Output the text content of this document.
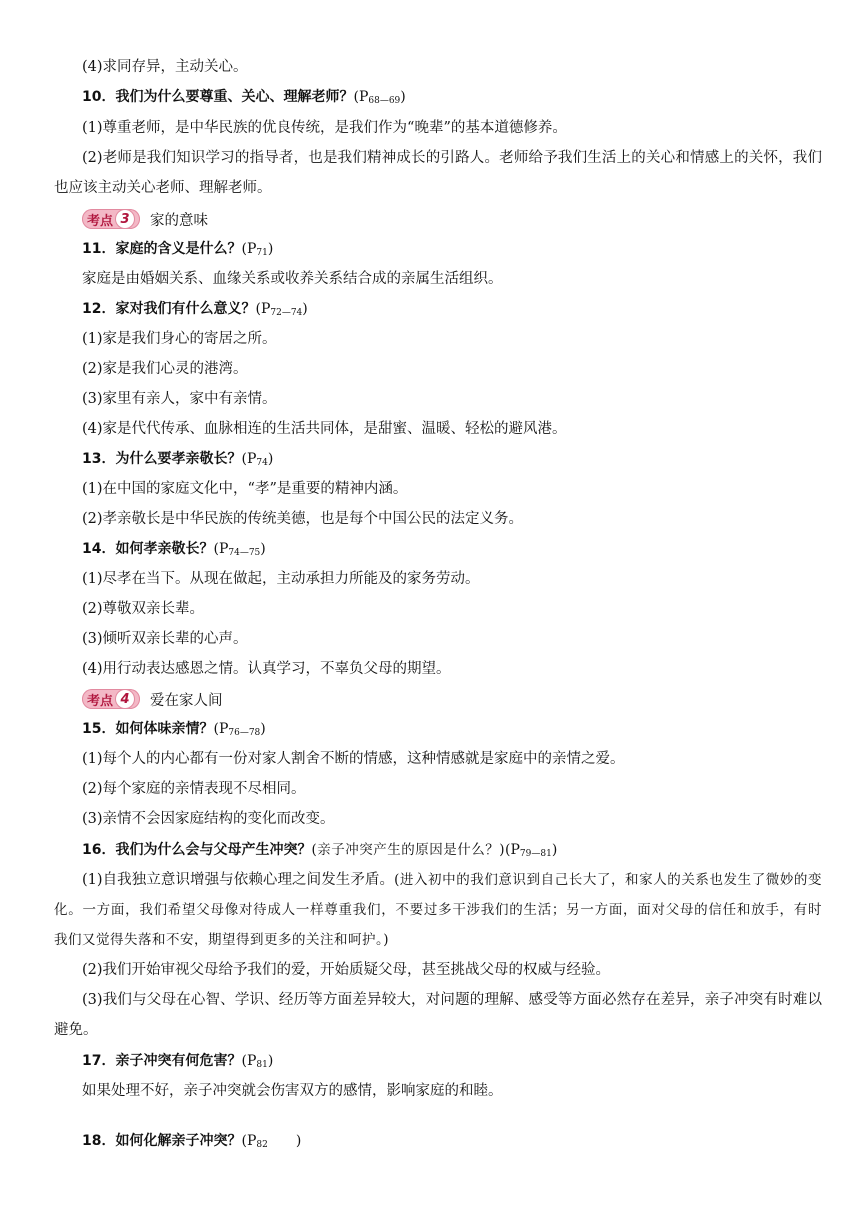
(4)求同存异，主动关心。
10．我们为什么要尊重、关心、理解老师？$(P_{68—69})$
(1)尊重老师，是中华民族的优良传统，是我们作为“晚辈”的基本道德修养。
(2)老师是我们知识学习的指导者，也是我们精神成长的引路人。老师给予我们生活上的关心和情感上的关怀，我们也应该主动关心老师、理解老师。
考点 3	家的意味
11．家庭的含义是什么？$(P_{71})$
家庭是由婚姻关系、血缘关系或收养关系结合成的亲属生活组织。
12．家对我们有什么意义？$(P_{72—74})$
(1)家是我们身心的寄居之所。
(2)家是我们心灵的港湾。
(3)家里有亲人，家中有亲情。
(4)家是代代传承、血脉相连的生活共同体，是甜蜜、温暖、轻松的避风港。
13．为什么要孝亲敬长？$(P_{74})$
(1)在中国的家庭文化中，“孝”是重要的精神内涵。
(2)孝亲敬长是中华民族的传统美德，也是每个中国公民的法定义务。
14．如何孝亲敬长？$(P_{74—75})$
(1)尽孝在当下。从现在做起，主动承担力所能及的家务劳动。
(2)尊敬双亲长辈。
(3)倾听双亲长辈的心声。
(4)用行动表达感恩之情。认真学习，不辜负父母的期望。
考点 4	爱在家人间
15．如何体味亲情？$(P_{76—78})$
(1)每个人的内心都有一份对家人割舍不断的情感，这种情感就是家庭中的亲情之爱。
(2)每个家庭的亲情表现不尽相同。
(3)亲情不会因家庭结构的变化而改变。
16．我们为什么会与父母产生冲突？(亲子冲突产生的原因是什么？)$(P_{79—81})$
(1)自我独立意识增强与依赖心理之间发生矛盾。(进入初中的我们意识到自己长大了，和家人的关系也发生了微妙的变化。一方面，我们希望父母像对待成人一样尊重我们，不要过多干涉我们的生活；另一方面，面对父母的信任和放手，有时我们又觉得失落和不安，期望得到更多的关注和呵护。)
(2)我们开始审视父母给予我们的爱，开始质疑父母，甚至挑战父母的权威与经验。
(3)我们与父母在心智、学识、经历等方面差异较大，对问题的理解、感受等方面必然存在差异，亲子冲突有时难以避免。
17．亲子冲突有何危害？$(P_{81})$
如果处理不好，亲子冲突就会伤害双方的感情，影响家庭的和睦。
18．如何化解亲子冲突？($P_{82}$　　)
